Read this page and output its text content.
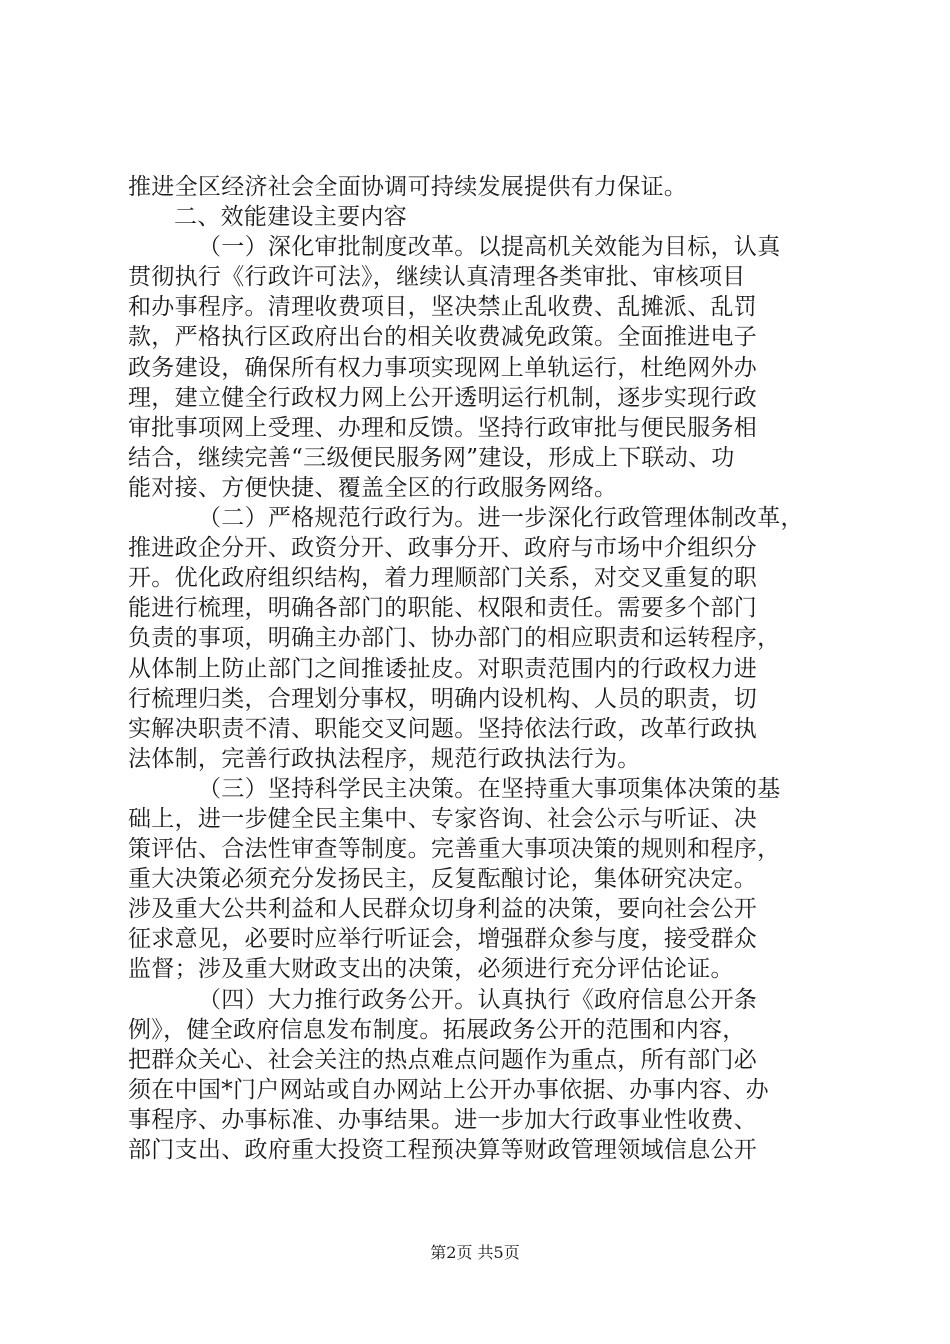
推进全区经济社会全面协调可持续发展提供有力保证。
二、效能建设主要内容
（一）深化审批制度改革。以提高机关效能为目标，认真
贯彻执行《行政许可法》，继续认真清理各类审批、审核项目
和办事程序。清理收费项目，坚决禁止乱收费、乱摊派、乱罚
款，严格执行区政府出台的相关收费减免政策。全面推进电子
政务建设，确保所有权力事项实现网上单轨运行，杜绝网外办
理，建立健全行政权力网上公开透明运行机制，逐步实现行政
审批事项网上受理、办理和反馈。坚持行政审批与便民服务相
结合，继续完善“三级便民服务网”建设，形成上下联动、功
能对接、方便快捷、覆盖全区的行政服务网络。
（二）严格规范行政行为。进一步深化行政管理体制改革，
推进政企分开、政资分开、政事分开、政府与市场中介组织分
开。优化政府组织结构，着力理顺部门关系，对交叉重复的职
能进行梳理，明确各部门的职能、权限和责任。需要多个部门
负责的事项，明确主办部门、协办部门的相应职责和运转程序，
从体制上防止部门之间推诿扯皮。对职责范围内的行政权力进
行梳理归类，合理划分事权，明确内设机构、人员的职责，切
实解决职责不清、职能交叉问题。坚持依法行政，改革行政执
法体制，完善行政执法程序，规范行政执法行为。
（三）坚持科学民主决策。在坚持重大事项集体决策的基
础上，进一步健全民主集中、专家咨询、社会公示与听证、决
策评估、合法性审查等制度。完善重大事项决策的规则和程序，
重大决策必须充分发扬民主，反复酝酿讨论，集体研究决定。
涉及重大公共利益和人民群众切身利益的决策，要向社会公开
征求意见，必要时应举行听证会，增强群众参与度，接受群众
监督；涉及重大财政支出的决策，必须进行充分评估论证。
（四）大力推行政务公开。认真执行《政府信息公开条
例》，健全政府信息发布制度。拓展政务公开的范围和内容，
把群众关心、社会关注的热点难点问题作为重点，所有部门必
须在中国*门户网站或自办网站上公开办事依据、办事内容、办
事程序、办事标准、办事结果。进一步加大行政事业性收费、
部门支出、政府重大投资工程预决算等财政管理领域信息公开
第2页 共5页
